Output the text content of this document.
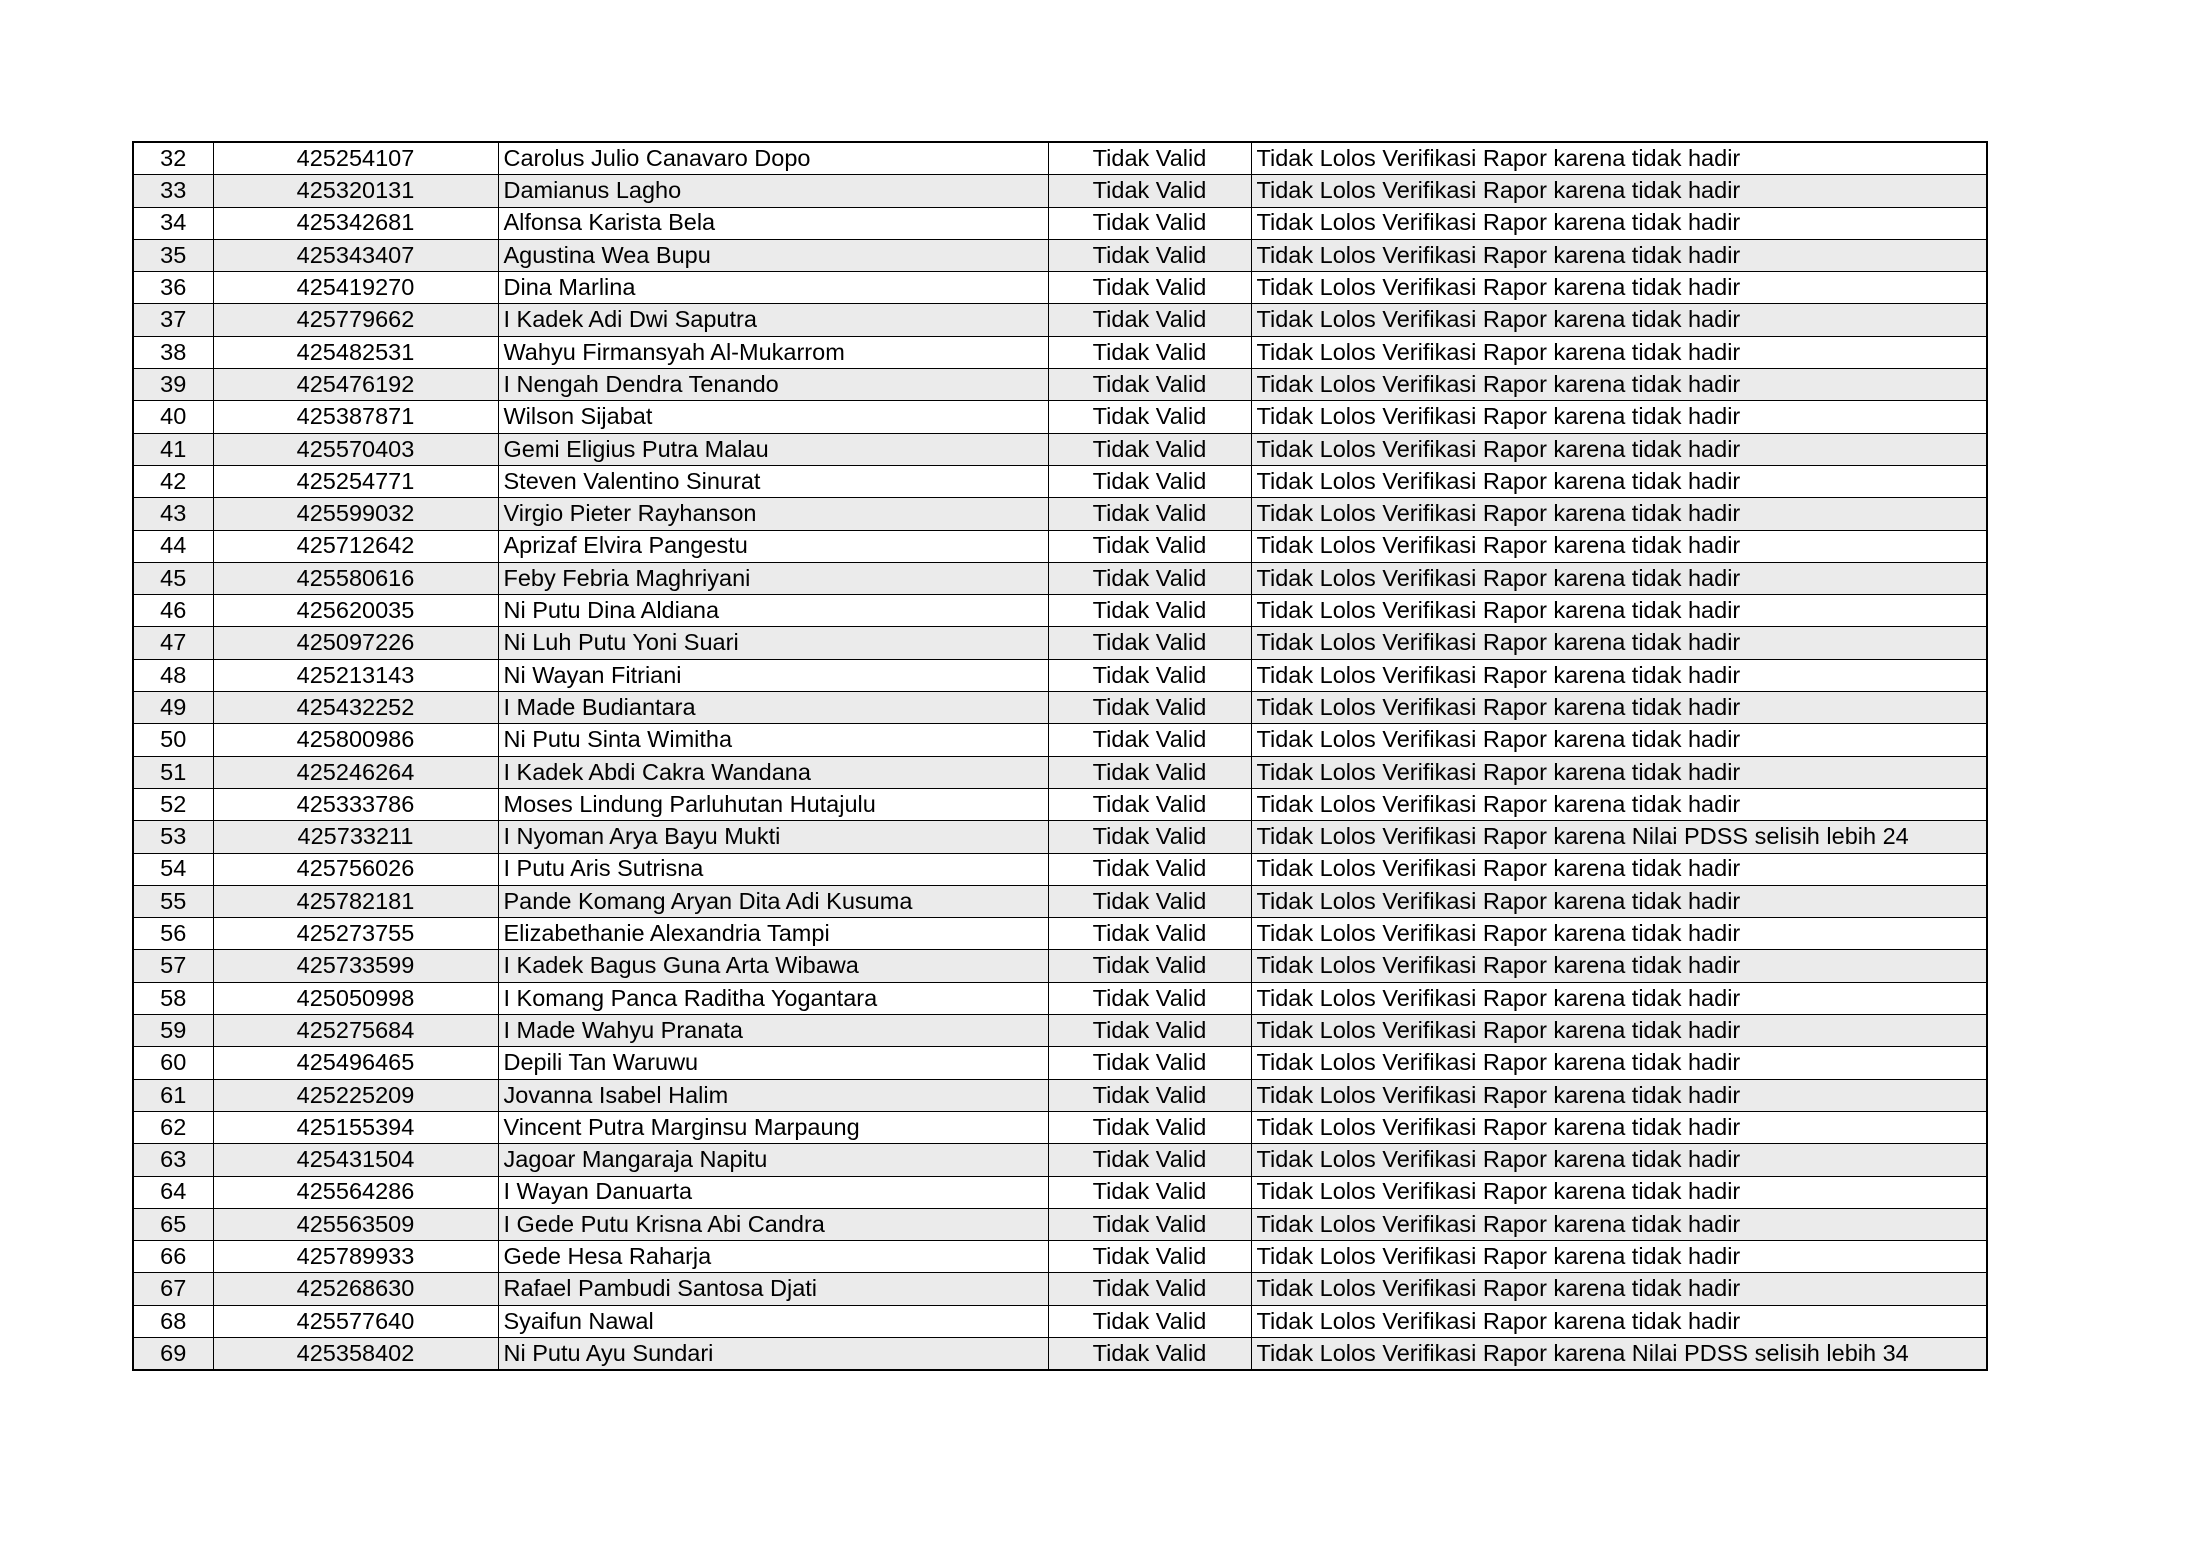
32	425254107	Carolus Julio Canavaro Dopo	Tidak Valid	Tidak Lolos Verifikasi Rapor karena tidak hadir
33	425320131	Damianus Lagho	Tidak Valid	Tidak Lolos Verifikasi Rapor karena tidak hadir
34	425342681	Alfonsa Karista Bela	Tidak Valid	Tidak Lolos Verifikasi Rapor karena tidak hadir
35	425343407	Agustina Wea Bupu	Tidak Valid	Tidak Lolos Verifikasi Rapor karena tidak hadir
36	425419270	Dina Marlina	Tidak Valid	Tidak Lolos Verifikasi Rapor karena tidak hadir
37	425779662	I Kadek Adi Dwi Saputra	Tidak Valid	Tidak Lolos Verifikasi Rapor karena tidak hadir
38	425482531	Wahyu Firmansyah Al-Mukarrom	Tidak Valid	Tidak Lolos Verifikasi Rapor karena tidak hadir
39	425476192	I Nengah Dendra Tenando	Tidak Valid	Tidak Lolos Verifikasi Rapor karena tidak hadir
40	425387871	Wilson Sijabat	Tidak Valid	Tidak Lolos Verifikasi Rapor karena tidak hadir
41	425570403	Gemi Eligius Putra Malau	Tidak Valid	Tidak Lolos Verifikasi Rapor karena tidak hadir
42	425254771	Steven Valentino Sinurat	Tidak Valid	Tidak Lolos Verifikasi Rapor karena tidak hadir
43	425599032	Virgio Pieter Rayhanson	Tidak Valid	Tidak Lolos Verifikasi Rapor karena tidak hadir
44	425712642	Aprizaf Elvira Pangestu	Tidak Valid	Tidak Lolos Verifikasi Rapor karena tidak hadir
45	425580616	Feby Febria Maghriyani	Tidak Valid	Tidak Lolos Verifikasi Rapor karena tidak hadir
46	425620035	Ni Putu Dina Aldiana	Tidak Valid	Tidak Lolos Verifikasi Rapor karena tidak hadir
47	425097226	Ni Luh Putu Yoni Suari	Tidak Valid	Tidak Lolos Verifikasi Rapor karena tidak hadir
48	425213143	Ni Wayan Fitriani	Tidak Valid	Tidak Lolos Verifikasi Rapor karena tidak hadir
49	425432252	I Made Budiantara	Tidak Valid	Tidak Lolos Verifikasi Rapor karena tidak hadir
50	425800986	Ni Putu Sinta Wimitha	Tidak Valid	Tidak Lolos Verifikasi Rapor karena tidak hadir
51	425246264	I Kadek Abdi Cakra Wandana	Tidak Valid	Tidak Lolos Verifikasi Rapor karena tidak hadir
52	425333786	Moses Lindung Parluhutan Hutajulu	Tidak Valid	Tidak Lolos Verifikasi Rapor karena tidak hadir
53	425733211	I Nyoman Arya Bayu Mukti	Tidak Valid	Tidak Lolos Verifikasi Rapor karena Nilai PDSS selisih lebih 24
54	425756026	I Putu Aris Sutrisna	Tidak Valid	Tidak Lolos Verifikasi Rapor karena tidak hadir
55	425782181	Pande Komang Aryan Dita Adi Kusuma	Tidak Valid	Tidak Lolos Verifikasi Rapor karena tidak hadir
56	425273755	Elizabethanie Alexandria Tampi	Tidak Valid	Tidak Lolos Verifikasi Rapor karena tidak hadir
57	425733599	I Kadek Bagus Guna Arta Wibawa	Tidak Valid	Tidak Lolos Verifikasi Rapor karena tidak hadir
58	425050998	I Komang Panca Raditha Yogantara	Tidak Valid	Tidak Lolos Verifikasi Rapor karena tidak hadir
59	425275684	I Made Wahyu Pranata	Tidak Valid	Tidak Lolos Verifikasi Rapor karena tidak hadir
60	425496465	Depili Tan Waruwu	Tidak Valid	Tidak Lolos Verifikasi Rapor karena tidak hadir
61	425225209	Jovanna Isabel Halim	Tidak Valid	Tidak Lolos Verifikasi Rapor karena tidak hadir
62	425155394	Vincent Putra Marginsu Marpaung	Tidak Valid	Tidak Lolos Verifikasi Rapor karena tidak hadir
63	425431504	Jagoar Mangaraja Napitu	Tidak Valid	Tidak Lolos Verifikasi Rapor karena tidak hadir
64	425564286	I Wayan Danuarta	Tidak Valid	Tidak Lolos Verifikasi Rapor karena tidak hadir
65	425563509	I Gede Putu Krisna Abi Candra	Tidak Valid	Tidak Lolos Verifikasi Rapor karena tidak hadir
66	425789933	Gede Hesa Raharja	Tidak Valid	Tidak Lolos Verifikasi Rapor karena tidak hadir
67	425268630	Rafael Pambudi Santosa Djati	Tidak Valid	Tidak Lolos Verifikasi Rapor karena tidak hadir
68	425577640	Syaifun Nawal	Tidak Valid	Tidak Lolos Verifikasi Rapor karena tidak hadir
69	425358402	Ni Putu Ayu Sundari	Tidak Valid	Tidak Lolos Verifikasi Rapor karena Nilai PDSS selisih lebih 34
